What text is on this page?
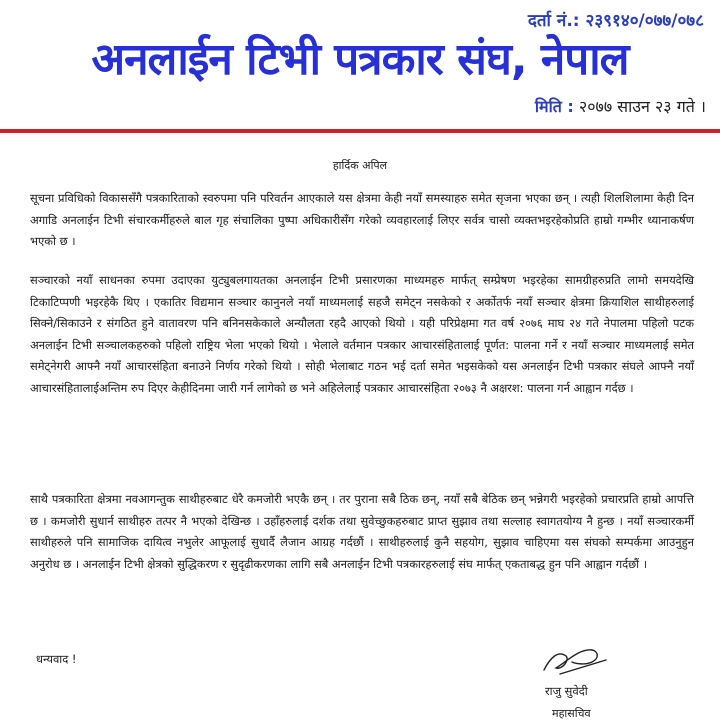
दर्ता नं.: २३९१४०/०७७/०७८
अनलाईन टिभी पत्रकार संघ, नेपाल
मिति : २०७७ साउन २३ गते ।
हार्दिक अपिल
सूचना प्रविधिको विकाससँगै पत्रकारिताको स्वरुपमा पनि परिवर्तन आएकाले यस क्षेत्रमा केही नयाँ समस्याहरु समेत सृजना भएका छन् । त्यही शिलशिलामा केही दिन अगाडि अनलाईन टिभी संचारकर्मीहरुले बाल गृह संचालिका पुष्पा अधिकारीसँग गरेको व्यवहारलाई लिएर सर्वत्र चासो व्यक्तभइरहेकोप्रति हाम्रो गम्भीर ध्यानाकर्षण भएको छ ।
सञ्चारको नयाँ साधनका रुपमा उदाएका युट्युबलगायतका अनलाईन टिभी प्रसारणका माध्यमहरु मार्फत् सम्प्रेषण भइरहेका सामग्रीहरुप्रति लामो समयदेखि टिकाटिप्पणी भइरहेकै थिए । एकातिर विद्यमान सञ्चार कानुनले नयाँ माध्यमलाई सहजै समेट्न नसकेको र अर्कोतर्फ नयाँ सञ्चार क्षेत्रमा क्रियाशिल साथीहरुलाई सिक्ने/सिकाउने र संगठित हुने वातावरण पनि बनिनसकेकाले अन्यौलता रहदै आएको थियो । यही परिप्रेक्षमा गत वर्ष २०७६ माघ २४ गते नेपालमा पहिलो पटक अनलाईन टिभी सञ्चालकहरुको पहिलो राष्ट्रिय भेला भएको थियो । भेलाले वर्तमान पत्रकार आचारसंहितालाई पूर्णत: पालना गर्ने र नयाँ सञ्चार माध्यमलाई समेत समेट्नेगरी आफ्नै नयाँ आचारसंहिता बनाउने निर्णय गरेको थियो । सोही भेलाबाट गठन भई दर्ता समेत भइसकेको यस अनलाईन टिभी पत्रकार संघले आफ्नै नयाँ आचारसंहितालाईअन्तिम रुप दिएर केहीदिनमा जारी गर्न लागेको छ भने अहिलेलाई पत्रकार आचारसंहिता २०७३ नै अक्षरश: पालना गर्न आह्वान गर्दछ ।
साथै पत्रकारिता क्षेत्रमा नवआगन्तुक साथीहरुबाट धेरै कमजोरी भएकै छन् । तर पुराना सबै ठिक छन्, नयाँ सबै बेठिक छन् भन्नेगरी भइरहेको प्रचारप्रति हाम्रो आपत्ति छ । कमजोरी सुधार्न साथीहरु तत्पर नै भएको देखिन्छ । उहाँहरुलाई दर्शक तथा सुवेच्छुकहरुबाट प्राप्त सुझाव तथा सल्लाह स्वागतयोग्य नै हुन्छ । नयाँ सञ्चारकर्मी साथीहरुले पनि सामाजिक दायित्व नभुलेर आफूलाई सुधार्दै लैजान आग्रह गर्दछौं । साथीहरुलाई कुनै सहयोग, सुझाव चाहिएमा यस संघको सम्पर्कमा आउनुहुन अनुरोध छ । अनलाईन टिभी क्षेत्रको सुद्धिकरण र सुदृढीकरणका लागि सबै अनलाईन टिभी पत्रकारहरुलाई संघ मार्फत् एकताबद्ध हुन पनि आह्वान गर्दछौं ।
धन्यवाद !
राजु सुवेदी
महासचिव
